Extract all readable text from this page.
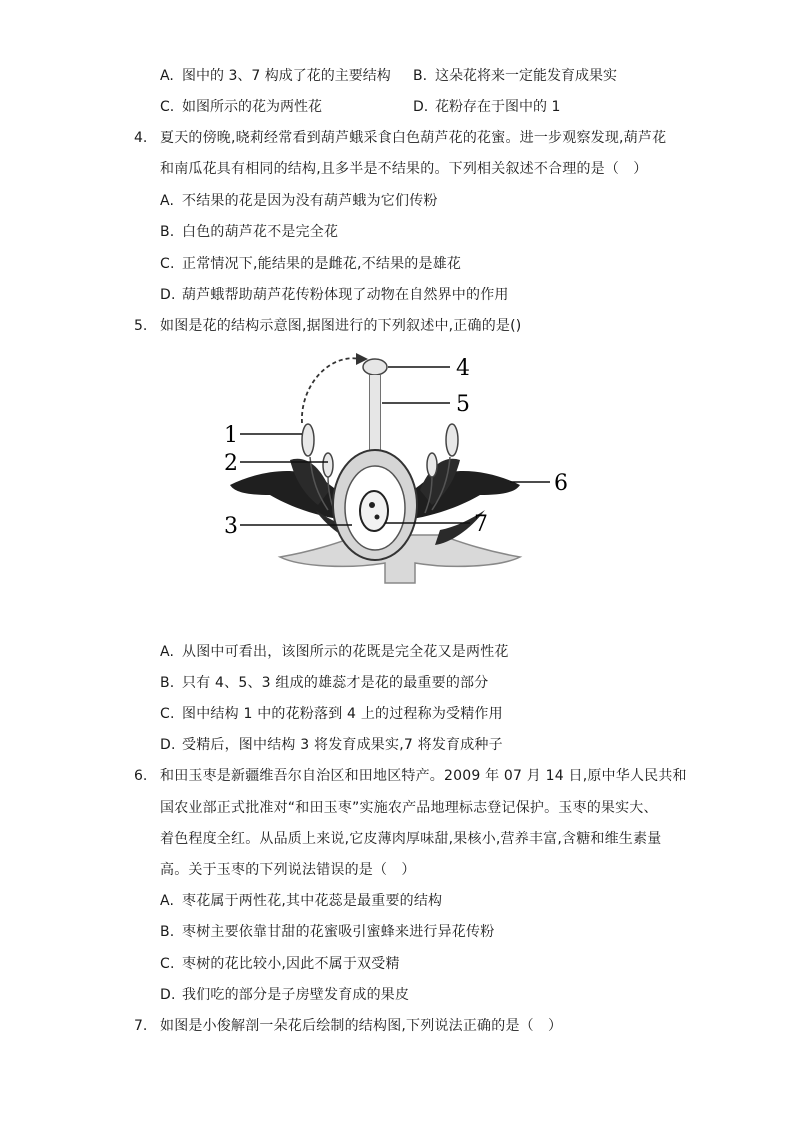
A. 图中的 3、7 构成了花的主要结构 B. 这朵花将来一定能发育成果实
C. 如图所示的花为两性花	D. 花粉存在于图中的 1
4. 夏天的傍晚,晓莉经常看到葫芦蛾采食白色葫芦花的花蜜。进一步观察发现,葫芦花
和南瓜花具有相同的结构,且多半是不结果的。下列相关叙述不合理的是（　）
A. 不结果的花是因为没有葫芦蛾为它们传粉
B. 白色的葫芦花不是完全花
C. 正常情况下,能结果的是雌花,不结果的是雄花
D. 葫芦蛾帮助葫芦花传粉体现了动物在自然界中的作用
5. 如图是花的结构示意图,据图进行的下列叙述中,正确的是()
1
2
3
4
5
6
7
A. 从图中可看出，该图所示的花既是完全花又是两性花
B. 只有 4、5、3 组成的雄蕊才是花的最重要的部分
C. 图中结构 1 中的花粉落到 4 上的过程称为受精作用
D. 受精后，图中结构 3 将发育成果实,7 将发育成种子
6. 和田玉枣是新疆维吾尔自治区和田地区特产。2009 年 07 月 14 日,原中华人民共和
国农业部正式批准对“和田玉枣”实施农产品地理标志登记保护。玉枣的果实大、
着色程度全红。从品质上来说,它皮薄肉厚味甜,果核小,营养丰富,含糖和维生素量
高。关于玉枣的下列说法错误的是（　）
A. 枣花属于两性花,其中花蕊是最重要的结构
B. 枣树主要依靠甘甜的花蜜吸引蜜蜂来进行异花传粉
C. 枣树的花比较小,因此不属于双受精
D. 我们吃的部分是子房壁发育成的果皮
7. 如图是小俊解剖一朵花后绘制的结构图,下列说法正确的是（　）
